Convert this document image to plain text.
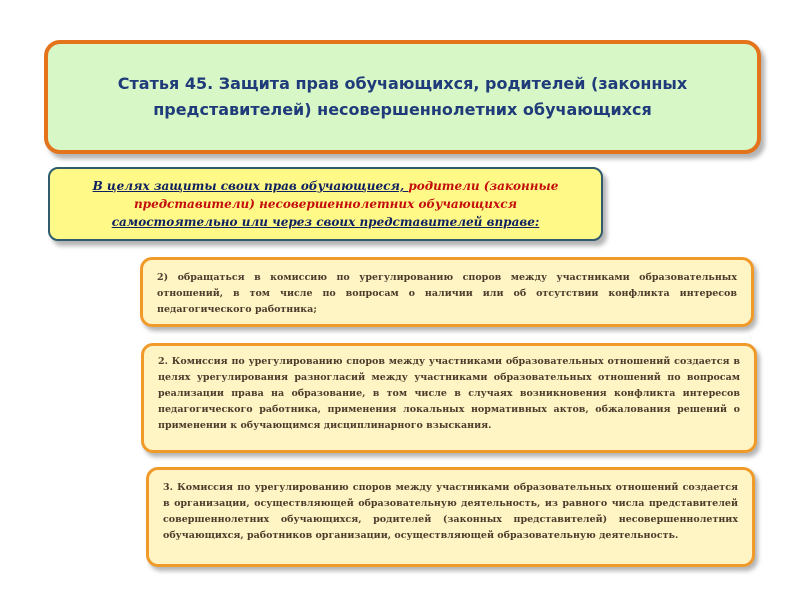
Статья 45. Защита прав обучающихся, родителей (законных представителей) несовершеннолетних обучающихся
В целях защиты своих прав обучающиеся, родители (законные представители) несовершеннолетних обучающихся самостоятельно или через своих представителей вправе:
2) обращаться в комиссию по урегулированию споров между участниками образовательных отношений, в том числе по вопросам о наличии или об отсутствии конфликта интересов педагогического работника;
2. Комиссия по урегулированию споров между участниками образовательных отношений создается в целях урегулирования разногласий между участниками образовательных отношений по вопросам реализации права на образование, в том числе в случаях возникновения конфликта интересов педагогического работника, применения локальных нормативных актов, обжалования решений о применении к обучающимся дисциплинарного взыскания.
3. Комиссия по урегулированию споров между участниками образовательных отношений создается в организации, осуществляющей образовательную деятельность, из равного числа представителей совершеннолетних обучающихся, родителей (законных представителей) несовершеннолетних обучающихся, работников организации, осуществляющей образовательную деятельность.
